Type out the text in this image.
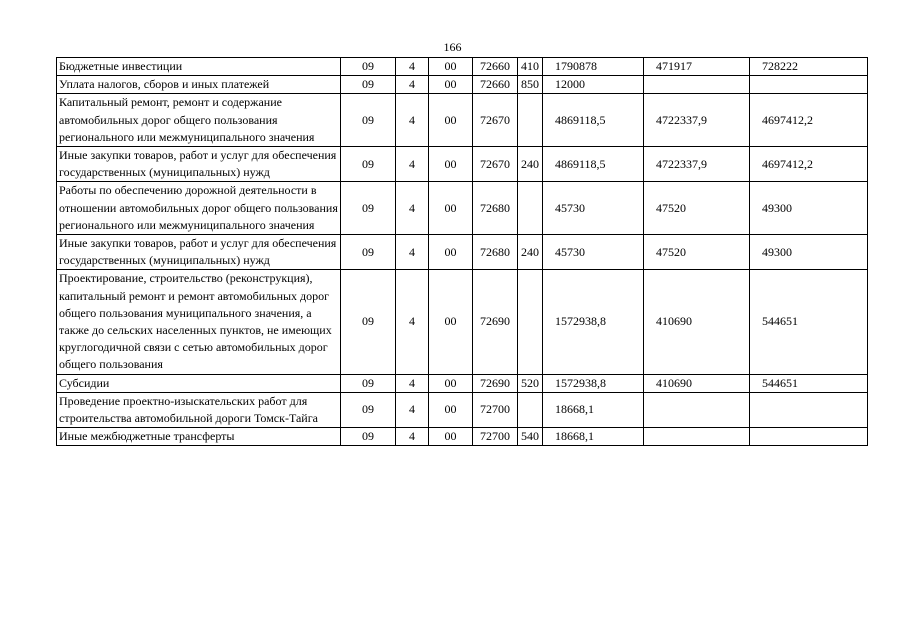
166
Бюджетные инвестиции	09	4	00	72660	410	1790878	471917	728222
Уплата налогов, сборов и иных платежей	09	4	00	72660	850	12000		
Капитальный ремонт, ремонт и содержание автомобильных дорог общего пользования регионального или межмуниципального значения	09	4	00	72670		4869118,5	4722337,9	4697412,2
Иные закупки товаров, работ и услуг для обеспечения государственных (муниципальных) нужд	09	4	00	72670	240	4869118,5	4722337,9	4697412,2
Работы по обеспечению дорожной деятельности в отношении автомобильных дорог общего пользования регионального или межмуниципального значения	09	4	00	72680		45730	47520	49300
Иные закупки товаров, работ и услуг для обеспечения государственных (муниципальных) нужд	09	4	00	72680	240	45730	47520	49300
Проектирование, строительство (реконструкция), капитальный ремонт и ремонт автомобильных дорог общего пользования муниципального значения, а также до сельских населенных пунктов, не имеющих круглогодичной связи с сетью автомобильных дорог общего пользования	09	4	00	72690		1572938,8	410690	544651
Субсидии	09	4	00	72690	520	1572938,8	410690	544651
Проведение проектно-изыскательских работ для строительства автомобильной дороги Томск-Тайга	09	4	00	72700		18668,1		
Иные межбюджетные трансферты	09	4	00	72700	540	18668,1		
